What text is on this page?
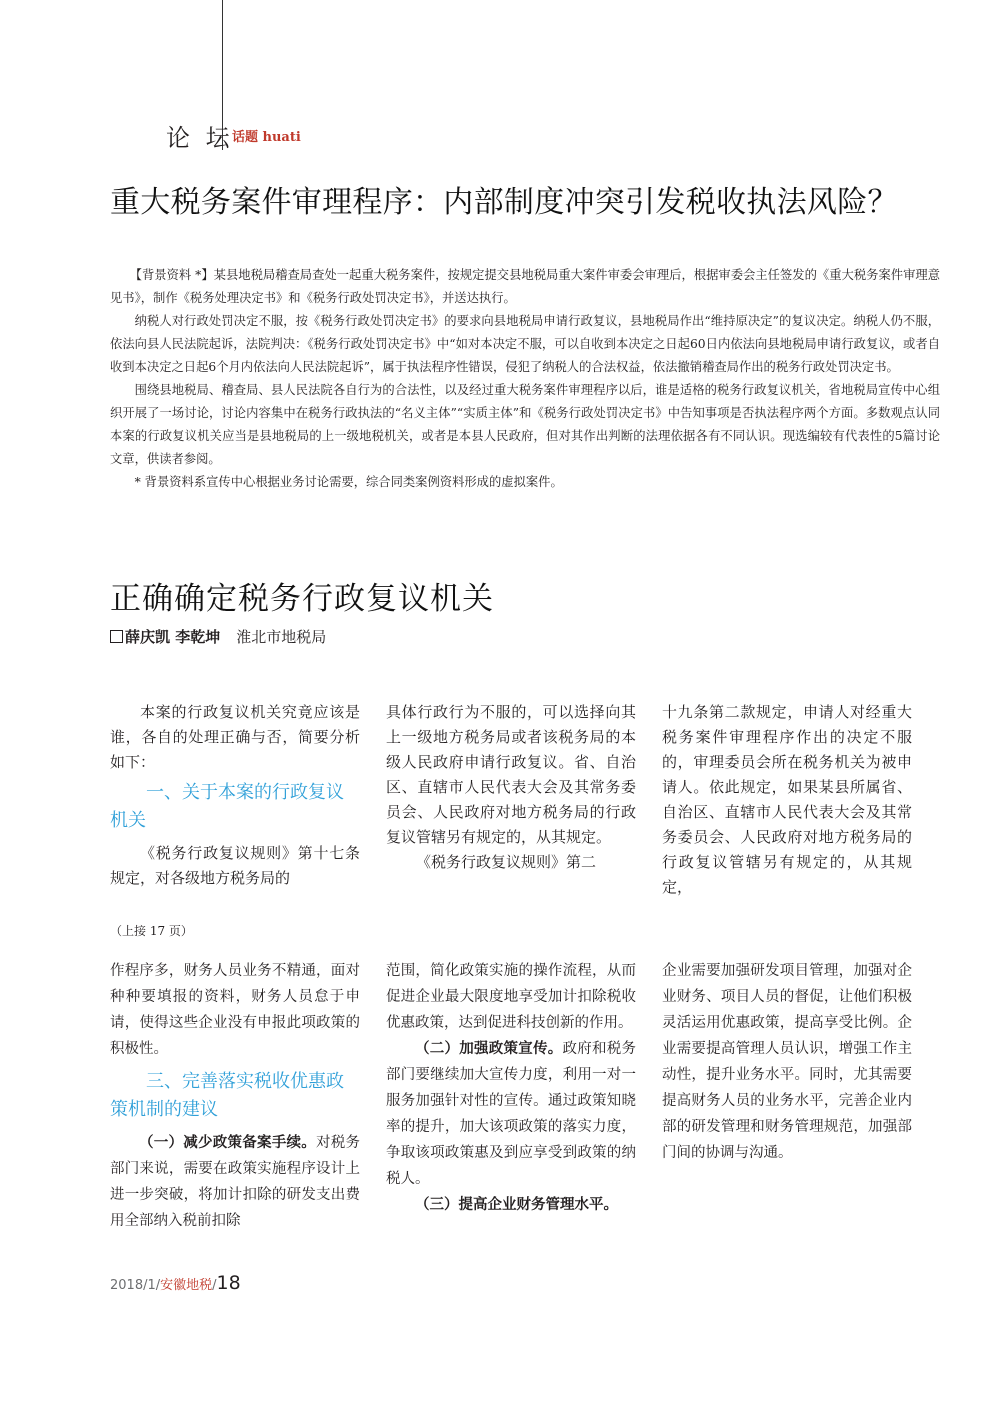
论 坛
话题 huati
重大税务案件审理程序：内部制度冲突引发税收执法风险？

【背景资料 *】某县地税局稽查局查处一起重大税务案件，按规定提交县地税局重大案件审委会审理后，根据审委会主任签发的《重大税务案件审理意见书》，制作《税务处理决定书》和《税务行政处罚决定书》，并送达执行。

纳税人对行政处罚决定不服，按《税务行政处罚决定书》的要求向县地税局申请行政复议，县地税局作出“维持原决定”的复议决定。纳税人仍不服，依法向县人民法院起诉，法院判决：《税务行政处罚决定书》中“如对本决定不服，可以自收到本决定之日起60日内依法向县地税局申请行政复议，或者自收到本决定之日起6个月内依法向人民法院起诉”，属于执法程序性错误，侵犯了纳税人的合法权益，依法撤销稽查局作出的税务行政处罚决定书。

围绕县地税局、稽查局、县人民法院各自行为的合法性，以及经过重大税务案件审理程序以后，谁是适格的税务行政复议机关，省地税局宣传中心组织开展了一场讨论，讨论内容集中在税务行政执法的“名义主体”“实质主体”和《税务行政处罚决定书》中告知事项是否执法程序两个方面。多数观点认同本案的行政复议机关应当是县地税局的上一级地税机关，或者是本县人民政府，但对其作出判断的法理依据各有不同认识。现选编较有代表性的5篇讨论文章，供读者参阅。

* 背景资料系宣传中心根据业务讨论需要，综合同类案例资料形成的虚拟案件。

正确确定税务行政复议机关
薛庆凯 李乾坤 淮北市地税局

本案的行政复议机关究竟应该是谁，各自的处理正确与否，简要分析如下：

一、关于本案的行政复议机关

《税务行政复议规则》第十七条规定，对各级地方税务局的

具体行政行为不服的，可以选择向其上一级地方税务局或者该税务局的本级人民政府申请行政复议。省、自治区、直辖市人民代表大会及其常务委员会、人民政府对地方税务局的行政复议管辖另有规定的，从其规定。

《税务行政复议规则》第二

十九条第二款规定，申请人对经重大税务案件审理程序作出的决定不服的，审理委员会所在税务机关为被申请人。依此规定，如果某县所属省、自治区、直辖市人民代表大会及其常务委员会、人民政府对地方税务局的行政复议管辖另有规定的，从其规定，

（上接 17 页）

作程序多，财务人员业务不精通，面对种种要填报的资料，财务人员怠于申请，使得这些企业没有申报此项政策的积极性。

三、完善落实税收优惠政策机制的建议

（一）减少政策备案手续。对税务部门来说，需要在政策实施程序设计上进一步突破，将加计扣除的研发支出费用全部纳入税前扣除

范围，简化政策实施的操作流程，从而促进企业最大限度地享受加计扣除税收优惠政策，达到促进科技创新的作用。

（二）加强政策宣传。政府和税务部门要继续加大宣传力度，利用一对一服务加强针对性的宣传。通过政策知晓率的提升，加大该项政策的落实力度，争取该项政策惠及到应享受到政策的纳税人。

（三）提高企业财务管理水平。

企业需要加强研发项目管理，加强对企业财务、项目人员的督促，让他们积极灵活运用优惠政策，提高享受比例。企业需要提高管理人员认识，增强工作主动性，提升业务水平。同时，尤其需要提高财务人员的业务水平，完善企业内部的研发管理和财务管理规范，加强部门间的协调与沟通。

2018/1/安徽地税/18
